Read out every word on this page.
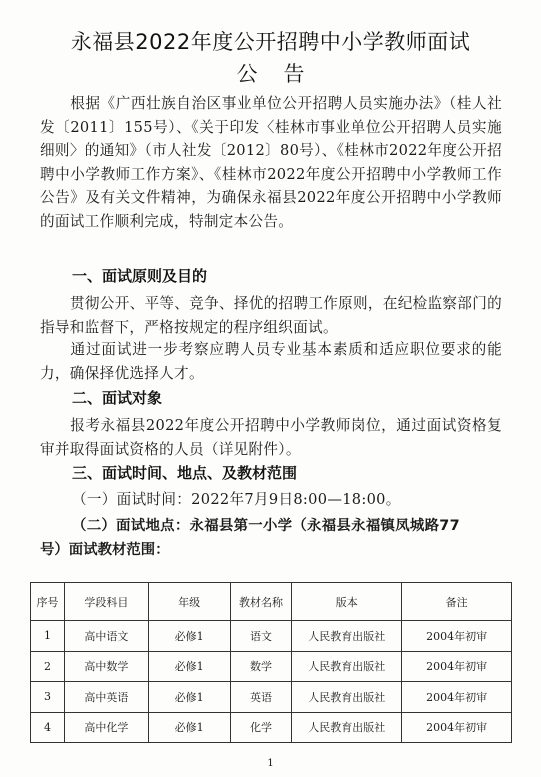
永福县2022年度公开招聘中小学教师面试
公告
根据《广西壮族自治区事业单位公开招聘人员实施办法》（桂人社发〔2011〕155号）、《关于印发〈桂林市事业单位公开招聘人员实施细则〉的通知》（市人社发〔2012〕80号）、《桂林市2022年度公开招聘中小学教师工作方案》、《桂林市2022年度公开招聘中小学教师工作公告》及有关文件精神，为确保永福县2022年度公开招聘中小学教师的面试工作顺利完成，特制定本公告。
一、面试原则及目的
贯彻公开、平等、竞争、择优的招聘工作原则，在纪检监察部门的指导和监督下，严格按规定的程序组织面试。
通过面试进一步考察应聘人员专业基本素质和适应职位要求的能力，确保择优选择人才。
二、面试对象
报考永福县2022年度公开招聘中小学教师岗位，通过面试资格复审并取得面试资格的人员（详见附件）。
三、面试时间、地点、及教材范围
（一）面试时间：2022年7月9日8:00—18:00。
（二）面试地点：永福县第一小学（永福县永福镇凤城路77
号）面试教材范围：
序号	学段科目	年级	教材名称	版本	备注
1	高中语文	必修1	语文	人民教育出版社	2004年初审
2	高中数学	必修1	数学	人民教育出版社	2004年初审
3	高中英语	必修1	英语	人民教育出版社	2004年初审
4	高中化学	必修1	化学	人民教育出版社	2004年初审
1
